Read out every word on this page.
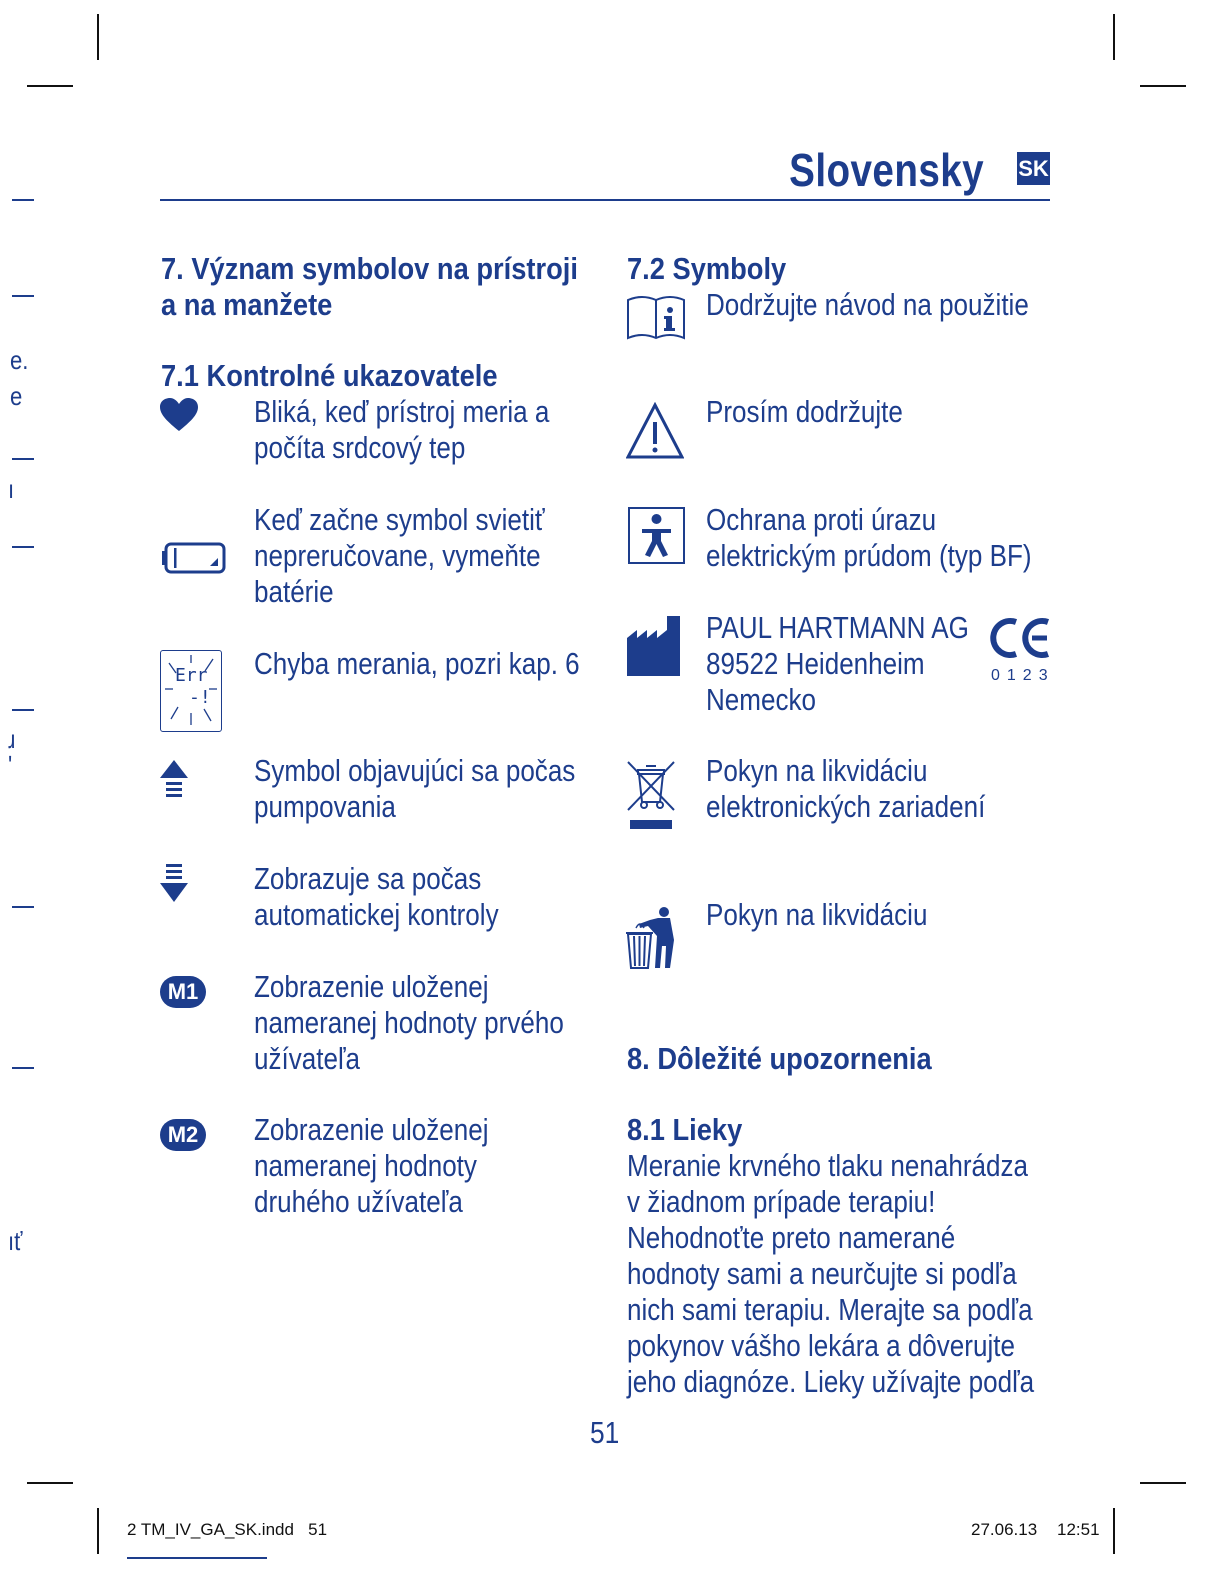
e.
e
ı
ɹ
ʹ
ıť
Slovensky SK
7. Význam symbolov na prístroji
a na manžete
7.1 Kontrolné ukazovatele
Bliká, keď prístroj meria a
počíta srdcový tep
Keď začne symbol svietiť
nepreručovane, vymeňte
batérie
Err
-!
Chyba merania, pozri kap. 6
Symbol objavujúci sa počas
pumpovania
Zobrazuje sa počas
automatickej kontroly
M1 Zobrazenie uloženej
nameranej hodnoty prvého
užívateľa
M2 Zobrazenie uloženej
nameranej hodnoty
druhého užívateľa
7.2 Symboly
Dodržujte návod na použitie
Prosím dodržujte
Ochrana proti úrazu
elektrickým prúdom (typ BF)
PAUL HARTMANN AG
89522 Heidenheim
Nemecko
0123
Pokyn na likvidáciu
elektronických zariadení
Pokyn na likvidáciu
8. Dôležité upozornenia
8.1 Lieky
Meranie krvného tlaku nenahrádza
v žiadnom prípade terapiu!
Nehodnoťte preto namerané
hodnoty sami a neurčujte si podľa
nich sami terapiu. Merajte sa podľa
pokynov vášho lekára a dôverujte
jeho diagnóze. Lieky užívajte podľa
51
2 TM_IV_GA_SK.indd   51	27.06.13 12:51
